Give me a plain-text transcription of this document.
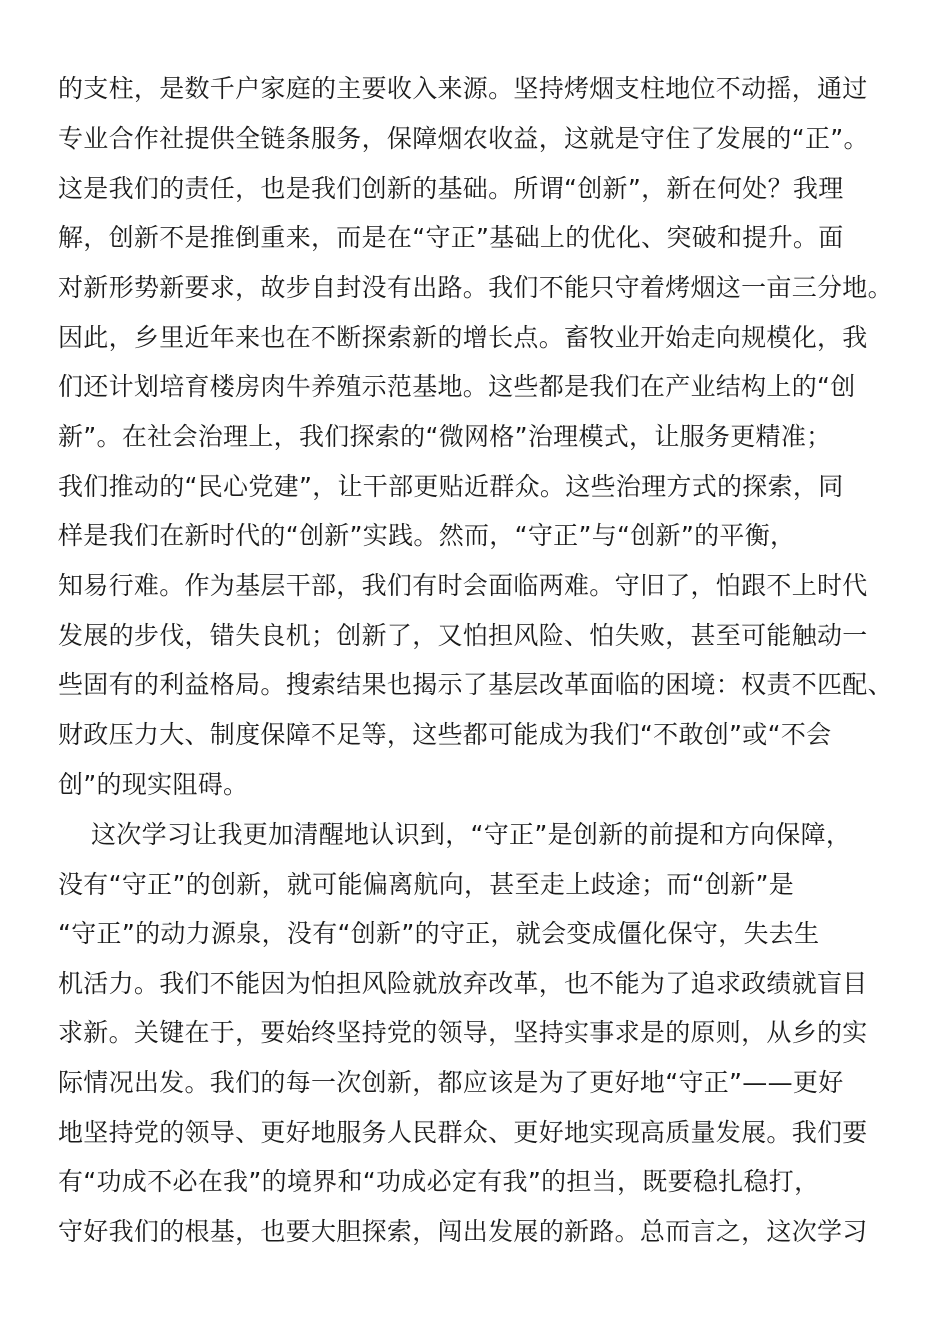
的支柱，是数千户家庭的主要收入来源。坚持烤烟支柱地位不动摇，通过
专业合作社提供全链条服务，保障烟农收益，这就是守住了发展的“正”。
这是我们的责任，也是我们创新的基础。所谓“创新”，新在何处？我理
解，创新不是推倒重来，而是在“守正”基础上的优化、突破和提升。面
对新形势新要求，故步自封没有出路。我们不能只守着烤烟这一亩三分地。
因此，乡里近年来也在不断探索新的增长点。畜牧业开始走向规模化，我
们还计划培育楼房肉牛养殖示范基地。这些都是我们在产业结构上的“创
新”。在社会治理上，我们探索的“微网格”治理模式，让服务更精准；
我们推动的“民心党建”，让干部更贴近群众。这些治理方式的探索，同
样是我们在新时代的“创新”实践。然而，“守正”与“创新”的平衡，
知易行难。作为基层干部，我们有时会面临两难。守旧了，怕跟不上时代
发展的步伐，错失良机；创新了，又怕担风险、怕失败，甚至可能触动一
些固有的利益格局。搜索结果也揭示了基层改革面临的困境：权责不匹配、
财政压力大、制度保障不足等，这些都可能成为我们“不敢创”或“不会
创”的现实阻碍。
这次学习让我更加清醒地认识到，“守正”是创新的前提和方向保障，
没有“守正”的创新，就可能偏离航向，甚至走上歧途；而“创新”是
“守正”的动力源泉，没有“创新”的守正，就会变成僵化保守，失去生
机活力。我们不能因为怕担风险就放弃改革，也不能为了追求政绩就盲目
求新。关键在于，要始终坚持党的领导，坚持实事求是的原则，从乡的实
际情况出发。我们的每一次创新，都应该是为了更好地“守正”——更好
地坚持党的领导、更好地服务人民群众、更好地实现高质量发展。我们要
有“功成不必在我”的境界和“功成必定有我”的担当，既要稳扎稳打，
守好我们的根基，也要大胆探索，闯出发展的新路。总而言之，这次学习
